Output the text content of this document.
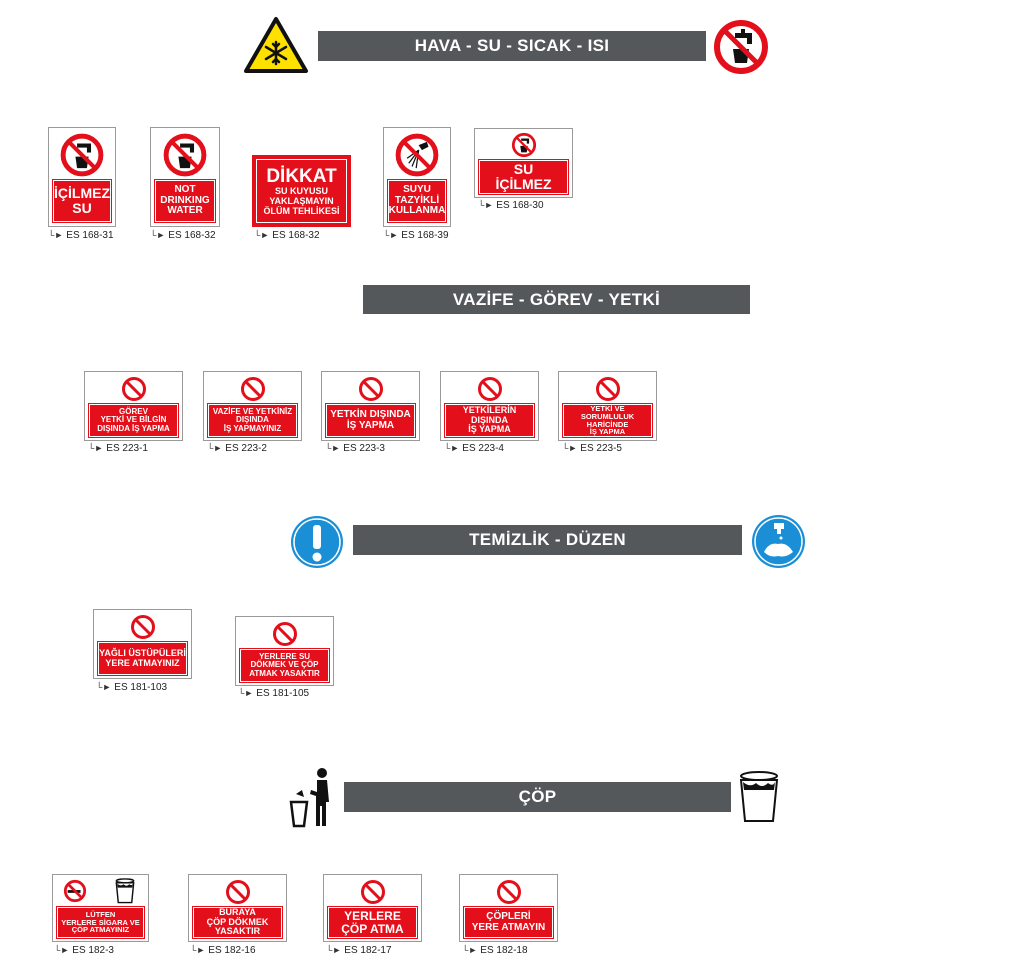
HAVA - SU - SICAK - ISI
İÇİLMEZ
SU
└► ES 168-31
NOT
DRINKING
WATER
└► ES 168-32
DİKKAT
SU KUYUSU
YAKLAŞMAYIN
ÖLÜM TEHLİKESİ
└► ES 168-32
SUYU
TAZYİKLİ
KULLANMA
└► ES 168-39
SU
İÇİLMEZ
└► ES 168-30
VAZİFE - GÖREV - YETKİ
GÖREV
YETKİ VE BİLGİN
DIŞINDA İŞ YAPMA
└► ES 223-1
VAZİFE VE YETKİNİZ
DIŞINDA
İŞ YAPMAYINIZ
└► ES 223-2
YETKİN DIŞINDA
İŞ YAPMA
└► ES 223-3
YETKİLERİN DIŞINDA
İŞ YAPMA
└► ES 223-4
YETKİ VE
SORUMLULUK
HARİCİNDE
İŞ YAPMA
└► ES 223-5
TEMİZLİK - DÜZEN
YAĞLI ÜSTÜPÜLERİ
YERE ATMAYINIZ
└► ES 181-103
YERLERE SU
DÖKMEK VE ÇÖP
ATMAK YASAKTIR
└► ES 181-105
ÇÖP
LÜTFEN
YERLERE SİGARA VE
ÇÖP ATMAYINIZ
└► ES 182-3
BURAYA
ÇÖP DÖKMEK
YASAKTIR
└► ES 182-16
YERLERE
ÇÖP ATMA
└► ES 182-17
ÇÖPLERİ
YERE ATMAYIN
└► ES 182-18
